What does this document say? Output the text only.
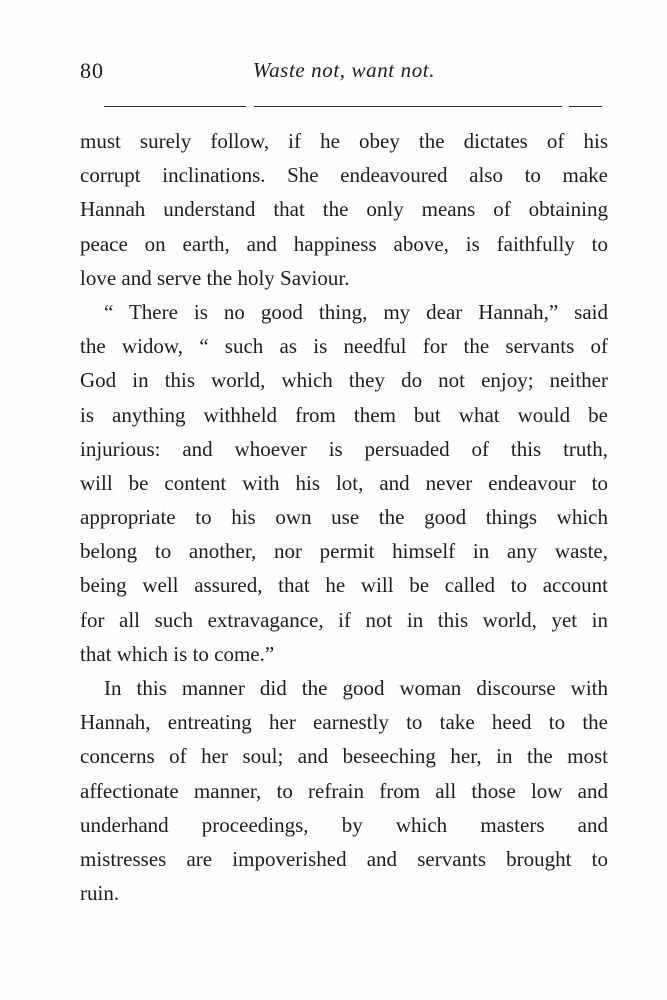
80	Waste not, want not.
must surely follow, if he obey the dictates of his
corrupt inclinations. She endeavoured also to make
Hannah understand that the only means of obtaining
peace on earth, and happiness above, is faithfully to
love and serve the holy Saviour.
“ There is no good thing, my dear Hannah,” said
the widow, “ such as is needful for the servants of
God in this world, which they do not enjoy; neither
is anything withheld from them but what would be
injurious: and whoever is persuaded of this truth,
will be content with his lot, and never endeavour to
appropriate to his own use the good things which
belong to another, nor permit himself in any waste,
being well assured, that he will be called to account
for all such extravagance, if not in this world, yet in
that which is to come.”
In this manner did the good woman discourse with
Hannah, entreating her earnestly to take heed to the
concerns of her soul; and beseeching her, in the most
affectionate manner, to refrain from all those low and
underhand proceedings, by which masters and
mistresses are impoverished and servants brought to
ruin.
